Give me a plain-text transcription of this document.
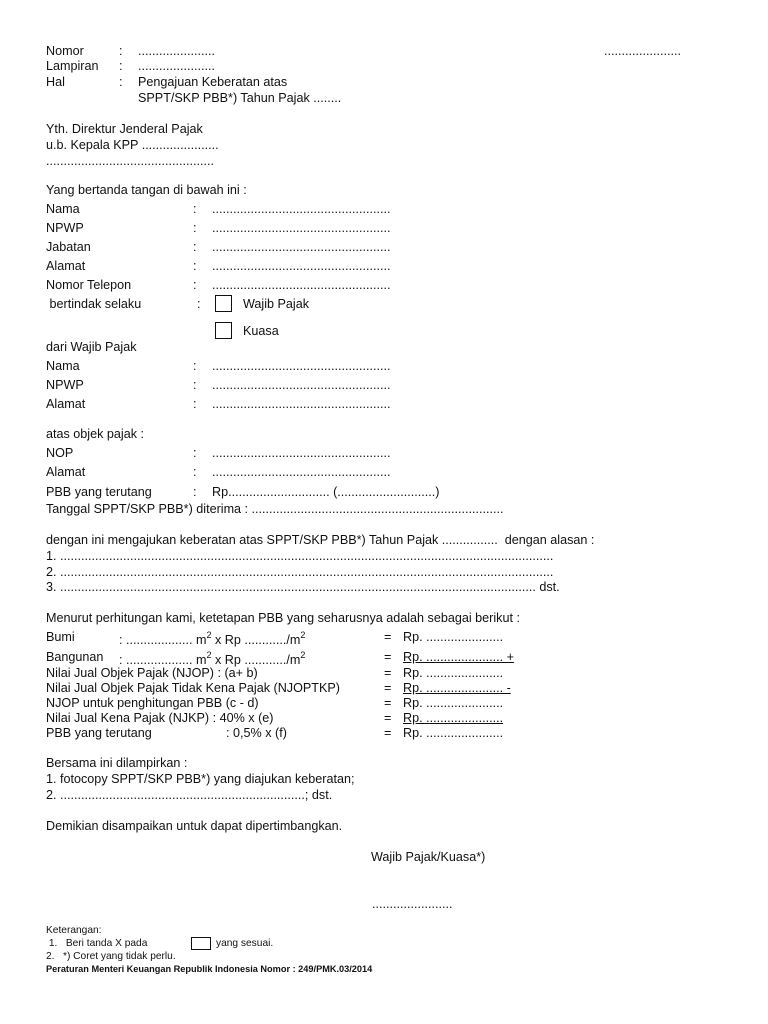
Nomor	: ......................	......................
Lampiran : ......................
Hal	: Pengajuan Keberatan atas
SPPT/SKP PBB*) Tahun Pajak ........
Yth. Direktur Jenderal Pajak
u.b. Kepala KPP ......................
................................................
Yang bertanda tangan di bawah ini :
Nama	: ...................................................
NPWP	: ...................................................
Jabatan	: ...................................................
Alamat	: ...................................................
Nomor Telepon	: ...................................................
bertindak selaku	:	Wajib Pajak
Kuasa
dari Wajib Pajak
Nama	: ...................................................
NPWP	: ...................................................
Alamat	: ...................................................
atas objek pajak :
NOP	: ...................................................
Alamat	: ...................................................
PBB yang terutang	: Rp............................. (............................)
Tanggal SPPT/SKP PBB*) diterima : ........................................................................
dengan ini mengajukan keberatan atas SPPT/SKP PBB*) Tahun Pajak ................  dengan alasan :
1. .............................................................................................................................................
2. .............................................................................................................................................
3. ........................................................................................................................................ dst.
Menurut perhitungan kami, ketetapan PBB yang seharusnya adalah sebagai berikut :
Bumi	: ................... $m^2$ x Rp $............/m^2$	= Rp. ......................
Bangunan : ................... $m^2$ x Rp $............/m^2$	= Rp. ...................... +
Nilai Jual Objek Pajak (NJOP) : (a+ b)	= Rp. ......................
Nilai Jual Objek Pajak Tidak Kena Pajak (NJOPTKP)	= Rp. ...................... -
NJOP untuk penghitungan PBB (c - d)	= Rp. ......................
Nilai Jual Kena Pajak (NJKP) : 40% x (e)	= Rp. ......................
PBB yang terutang	: 0,5% x (f)	= Rp. ......................
Bersama ini dilampirkan :
1. fotocopy SPPT/SKP PBB*) yang diajukan keberatan;
2. ......................................................................; dst.
Demikian disampaikan untuk dapat dipertimbangkan.
Wajib Pajak/Kuasa*)
.......................
Keterangan:
1.   Beri tanda X pada	yang sesuai.
2.   *) Coret yang tidak perlu.
Peraturan Menteri Keuangan Republik Indonesia Nomor : 249/PMK.03/2014
